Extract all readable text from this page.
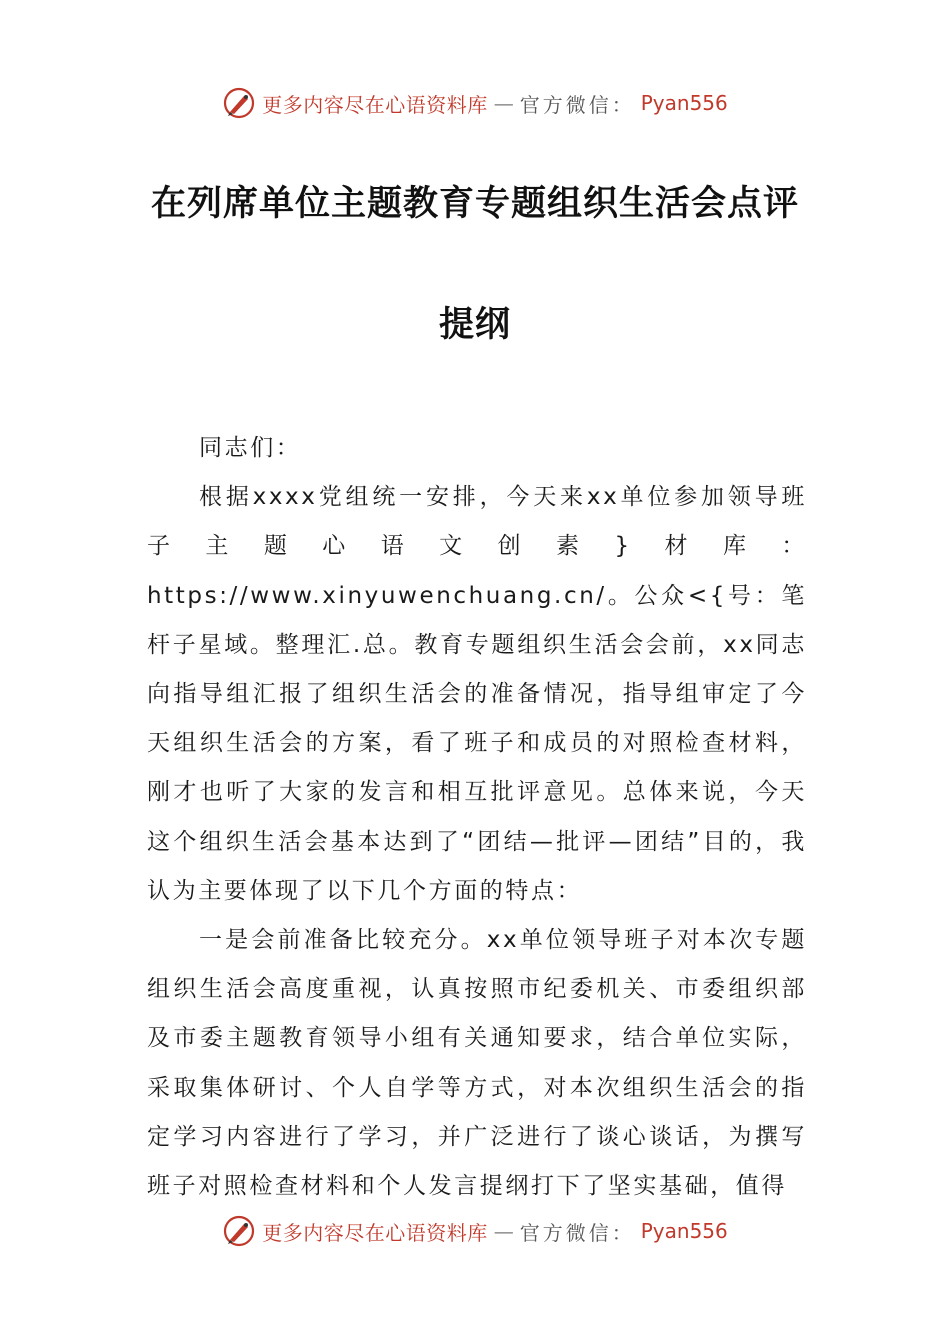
更多内容尽在心语资料库 — 官方微信： Pyan556
在列席单位主题教育专题组织生活会点评
提纲

同志们：

根据xxxx党组统一安排，今天来xx单位参加领导班子主题心语文创素}材库：https://www.xinyuwenchuang.cn/。公众<{号：笔杆子星域。整理汇.总。教育专题组织生活会会前，xx同志向指导组汇报了组织生活会的准备情况，指导组审定了今天组织生活会的方案，看了班子和成员的对照检查材料，刚才也听了大家的发言和相互批评意见。总体来说，今天这个组织生活会基本达到了“团结—批评—团结”目的，我认为主要体现了以下几个方面的特点：

一是会前准备比较充分。xx单位领导班子对本次专题组织生活会高度重视，认真按照市纪委机关、市委组织部及市委主题教育领导小组有关通知要求，结合单位实际，采取集体研讨、个人自学等方式，对本次组织生活会的指定学习内容进行了学习，并广泛进行了谈心谈话，为撰写班子对照检查材料和个人发言提纲打下了坚实基础，值得

更多内容尽在心语资料库 — 官方微信： Pyan556
